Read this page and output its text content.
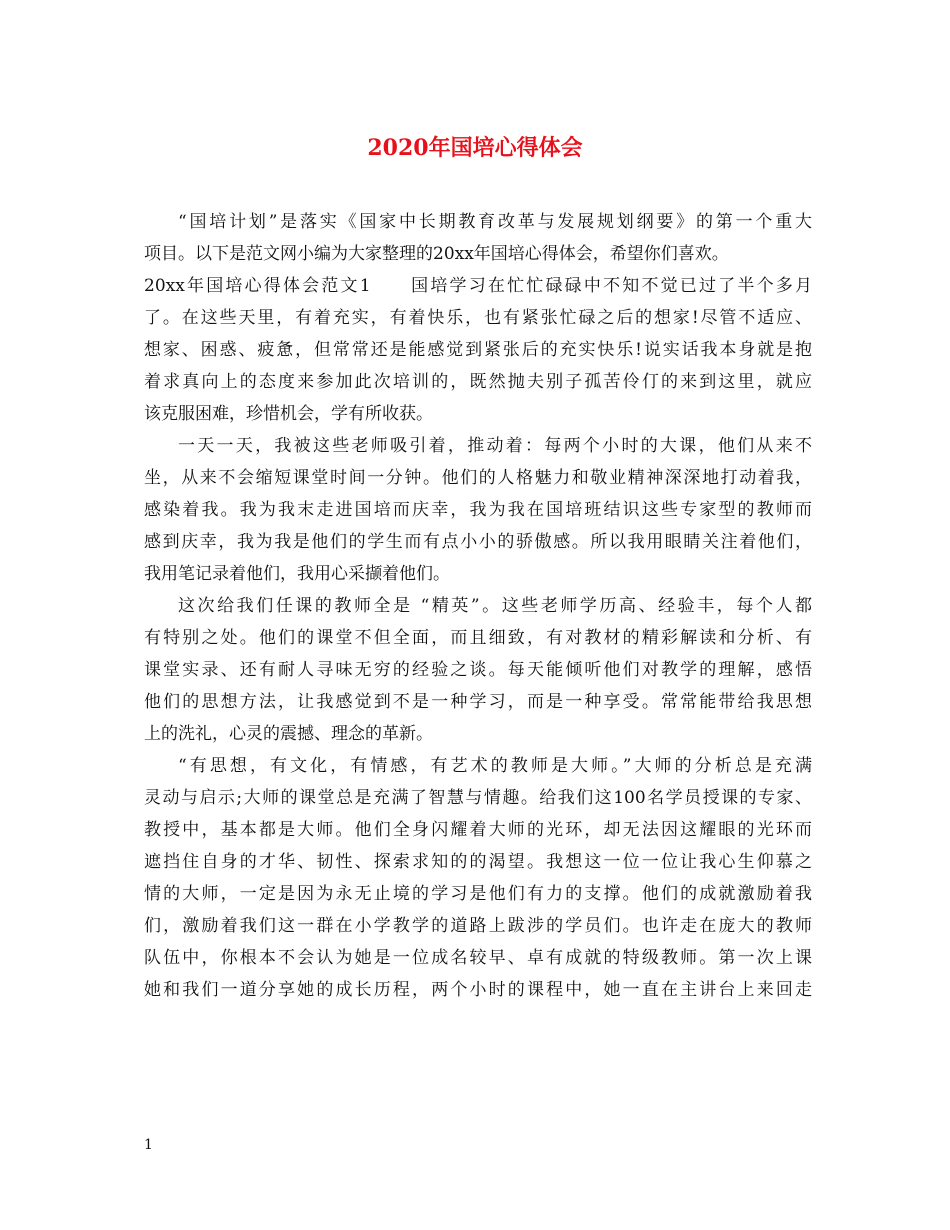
2020年国培心得体会
“国培计划”是落实《国家中长期教育改革与发展规划纲要》的第一个重大
项目。以下是范文网小编为大家整理的20xx年国培心得体会，希望你们喜欢。
20xx年国培心得体会范文1　　国培学习在忙忙碌碌中不知不觉已过了半个多月
了。在这些天里，有着充实，有着快乐，也有紧张忙碌之后的想家!尽管不适应、
想家、困惑、疲惫，但常常还是能感觉到紧张后的充实快乐!说实话我本身就是抱
着求真向上的态度来参加此次培训的，既然抛夫别子孤苦伶仃的来到这里，就应
该克服困难，珍惜机会，学有所收获。
一天一天，我被这些老师吸引着，推动着：每两个小时的大课，他们从来不
坐，从来不会缩短课堂时间一分钟。他们的人格魅力和敬业精神深深地打动着我，
感染着我。我为我末走进国培而庆幸，我为我在国培班结识这些专家型的教师而
感到庆幸，我为我是他们的学生而有点小小的骄傲感。所以我用眼睛关注着他们，
我用笔记录着他们，我用心采撷着他们。
这次给我们任课的教师全是 “精英”。这些老师学历高、经验丰，每个人都
有特别之处。他们的课堂不但全面，而且细致，有对教材的精彩解读和分析、有
课堂实录、还有耐人寻味无穷的经验之谈。每天能倾听他们对教学的理解，感悟
他们的思想方法，让我感觉到不是一种学习，而是一种享受。常常能带给我思想
上的洗礼，心灵的震撼、理念的革新。
“有思想，有文化，有情感，有艺术的教师是大师。”大师的分析总是充满
灵动与启示;大师的课堂总是充满了智慧与情趣。给我们这100名学员授课的专家、
教授中，基本都是大师。他们全身闪耀着大师的光环，却无法因这耀眼的光环而
遮挡住自身的才华、韧性、探索求知的的渴望。我想这一位一位让我心生仰慕之
情的大师，一定是因为永无止境的学习是他们有力的支撑。他们的成就激励着我
们，激励着我们这一群在小学教学的道路上跋涉的学员们。也许走在庞大的教师
队伍中，你根本不会认为她是一位成名较早、卓有成就的特级教师。第一次上课
她和我们一道分享她的成长历程，两个小时的课程中，她一直在主讲台上来回走
1
